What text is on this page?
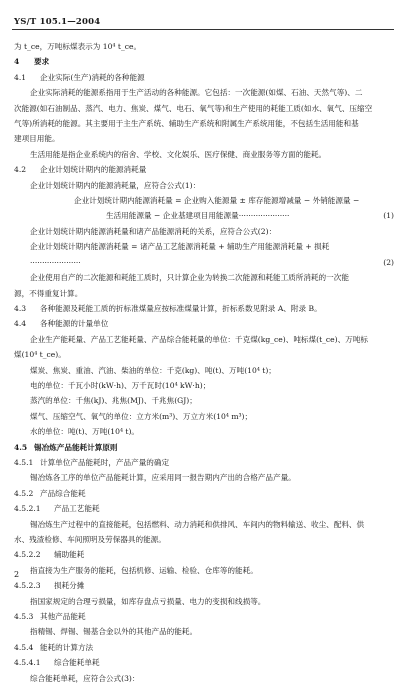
YS/T 105.1—2004
为 t_ce，万吨标煤表示为 10⁴ t_ce。
4 要求
4.1 企业实际(生产)消耗的各种能源
企业实际消耗的能源系指用于生产活动的各种能源。它包括：一次能源(如煤、石油、天然气等)、二
次能源(如石油制品、蒸汽、电力、焦炭、煤气、电石、氧气等)和生产使用的耗能工质(如水、氧气、压缩空
气等)所消耗的能源。其主要用于主生产系统、辅助生产系统和附属生产系统用能，不包括生活用能和基
建项目用能。
生活用能是指企业系统内的宿舍、学校、文化娱乐、医疗保健、商业服务等方面的能耗。
4.2 企业计划统计期内的能源消耗量
企业计划统计期内的能源消耗量，应符合公式(1)：
企业计划统计期内能源消耗量 = 企业购入能源量 ± 库存能源增减量 − 外销能源量 −
生活用能源量 − 企业基建项目用能源量 ·····················	(1)
企业计划统计期内能源消耗量和诸产品能源消耗的关系，应符合公式(2)：
企业计划统计期内能源消耗量 = 诸产品工艺能源消耗量 + 辅助生产用能源消耗量 + 损耗
·····················	(2)
企业使用自产的二次能源和耗能工质时，只计算企业为转换二次能源和耗能工质所消耗的一次能
源，不得重复计算。
4.3 各种能源及耗能工质的折标准煤量应按标准煤量计算，折标系数见附录 A、附录 B。
4.4 各种能源的计量单位
企业生产能耗量、产品工艺能耗量、产品综合能耗量的单位：千克煤(kg_ce)、吨标煤(t_ce)、万吨标
煤(10⁴ t_ce)。
煤炭、焦炭、重油、汽油、柴油的单位：千克(kg)、吨(t)、万吨(10⁴ t)；
电的单位：千瓦小时(kW·h)、万千瓦时(10⁴ kW·h)；
蒸汽的单位：千焦(kJ)、兆焦(MJ)、千兆焦(GJ)；
煤气、压缩空气、氧气的单位：立方米(m³)、万立方米(10⁴ m³)；
水的单位：吨(t)、万吨(10⁴ t)。
4.5 锡冶炼产品能耗计算原则
4.5.1 计算单位产品能耗时，产品产量的确定
锡冶炼各工序的单位产品能耗计算，应采用同一报告期内产出的合格产品产量。
4.5.2 产品综合能耗
4.5.2.1 产品工艺能耗
锡冶炼生产过程中的直接能耗，包括燃料、动力消耗和供排风、车间内的物料输送、收尘、配料、供
水、残渣检修、车间照明及劳保器具的能源。
4.5.2.2 辅助能耗
指直接为生产服务的能耗，包括机修、运输、检验、仓库等的能耗。
4.5.2.3 损耗分摊
指国家规定的合理亏损量，如库存盘点亏损量、电力的变损和线损等。
4.5.3 其他产品能耗
指精锡、焊锡、锡基合金以外的其他产品的能耗。
4.5.4 能耗的计算方法
4.5.4.1 综合能耗单耗
综合能耗单耗，应符合公式(3)：
2
